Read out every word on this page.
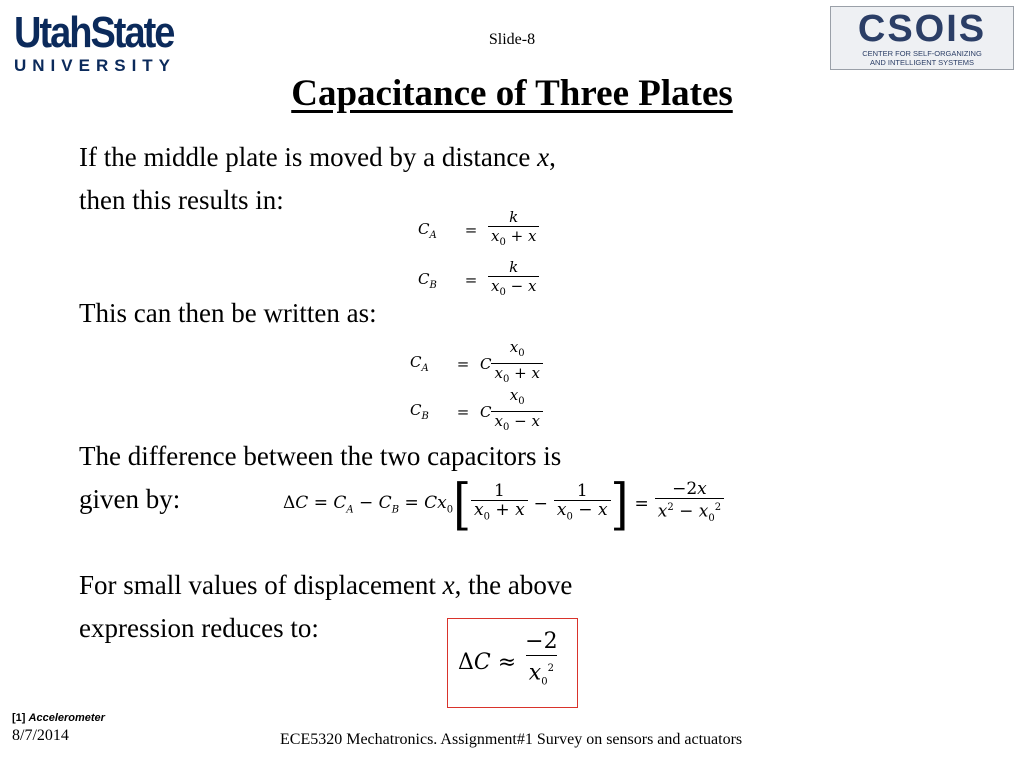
UtahState
UNIVERSITY
CSOIS
CENTER FOR SELF-ORGANIZING
AND INTELLIGENT SYSTEMS
Slide-8
Capacitance of Three Plates
If the middle plate is moved by a distance x,
then this results in:
$C_A$	= $\frac{k}{x_0 + x}$
$C_B$	= $\frac{k}{x_0 - x}$
This can then be written as:
$C_A$	= C $\frac{x_0}{x_0 + x}$
$C_B$	= C $\frac{x_0}{x_0 - x}$
The difference between the two capacitors is
given by:	$\Delta C = C_A - C_B = Cx_0$ [ $\frac{1}{x_0 + x} - \frac{1}{x_0 - x}$ ] = $\frac{-2x}{x^2 - x_0^2}$
For small values of displacement x, the above
expression reduces to:
$\Delta C \approx \frac{-2}{x_0^2}$
[1] Accelerometer
8/7/2014	ECE5320 Mechatronics. Assignment#1 Survey on sensors and actuators
